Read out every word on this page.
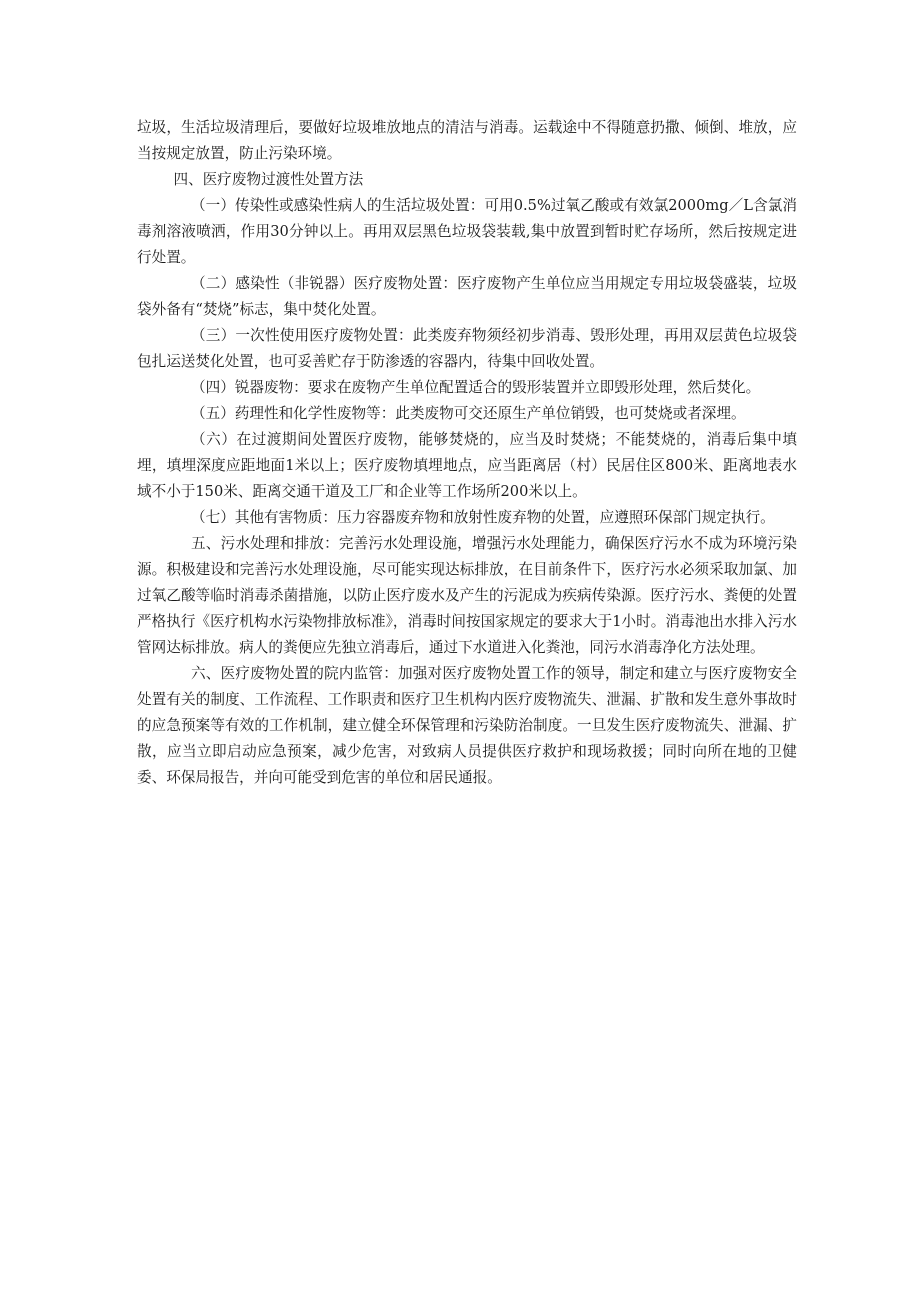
垃圾，生活垃圾清理后，要做好垃圾堆放地点的清洁与消毒。运载途中不得随意扔撒、倾倒、堆放，应当按规定放置，防止污染环境。

四、医疗废物过渡性处置方法

（一）传染性或感染性病人的生活垃圾处置：可用0.5%过氧乙酸或有效氯2000mg／L含氯消毒剂溶液喷洒，作用30分钟以上。再用双层黑色垃圾袋装载,集中放置到暂时贮存场所，然后按规定进行处置。

（二）感染性（非锐器）医疗废物处置：医疗废物产生单位应当用规定专用垃圾袋盛装，垃圾袋外备有“焚烧”标志，集中焚化处置。

（三）一次性使用医疗废物处置：此类废弃物须经初步消毒、毁形处理，再用双层黄色垃圾袋包扎运送焚化处置，也可妥善贮存于防渗透的容器内，待集中回收处置。

（四）锐器废物：要求在废物产生单位配置适合的毁形装置并立即毁形处理，然后焚化。

（五）药理性和化学性废物等：此类废物可交还原生产单位销毁，也可焚烧或者深埋。

（六）在过渡期间处置医疗废物，能够焚烧的，应当及时焚烧；不能焚烧的，消毒后集中填埋，填埋深度应距地面1米以上；医疗废物填埋地点，应当距离居（村）民居住区800米、距离地表水域不小于150米、距离交通干道及工厂和企业等工作场所200米以上。

（七）其他有害物质：压力容器废弃物和放射性废弃物的处置，应遵照环保部门规定执行。

五、污水处理和排放：完善污水处理设施，增强污水处理能力，确保医疗污水不成为环境污染源。积极建设和完善污水处理设施，尽可能实现达标排放，在目前条件下，医疗污水必须采取加氯、加过氧乙酸等临时消毒杀菌措施，以防止医疗废水及产生的污泥成为疾病传染源。医疗污水、粪便的处置严格执行《医疗机构水污染物排放标准》，消毒时间按国家规定的要求大于1小时。消毒池出水排入污水管网达标排放。病人的粪便应先独立消毒后，通过下水道进入化粪池，同污水消毒净化方法处理。

六、医疗废物处置的院内监管：加强对医疗废物处置工作的领导，制定和建立与医疗废物安全处置有关的制度、工作流程、工作职责和医疗卫生机构内医疗废物流失、泄漏、扩散和发生意外事故时的应急预案等有效的工作机制，建立健全环保管理和污染防治制度。一旦发生医疗废物流失、泄漏、扩散，应当立即启动应急预案，减少危害，对致病人员提供医疗救护和现场救援；同时向所在地的卫健委、环保局报告，并向可能受到危害的单位和居民通报。
